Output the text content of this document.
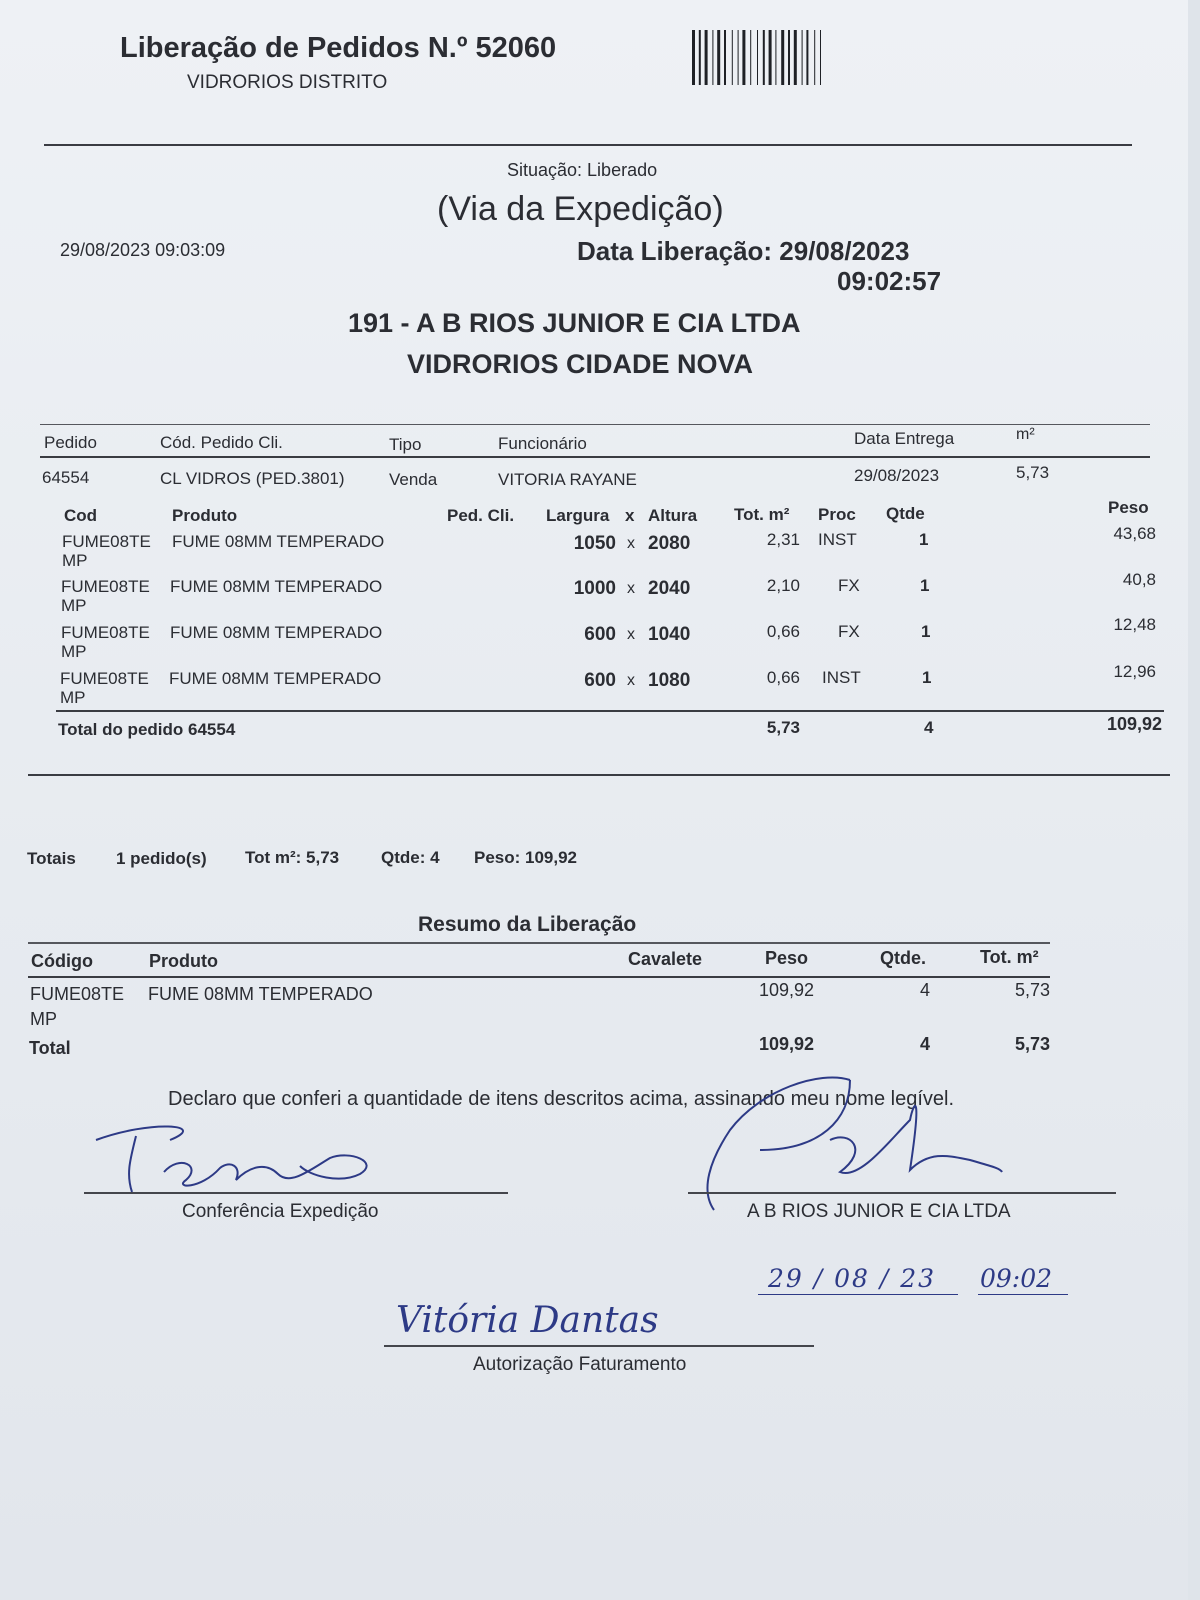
Liberação de Pedidos N.º 52060
VIDRORIOS DISTRITO
Situação: Liberado
(Via da Expedição)
29/08/2023 09:03:09	Data Liberação: 29/08/2023
09:02:57
191 - A B RIOS JUNIOR E CIA LTDA
VIDRORIOS CIDADE NOVA
Pedido	Cód. Pedido Cli.	Tipo	Funcionário	Data Entrega	m²
64554	CL VIDROS (PED.3801)	Venda	VITORIA RAYANE	29/08/2023	5,73
Cod	Produto	Ped. Cli. Largura x Altura Tot. m² Proc Qtde	Peso
FUME08TE
MP
FUME 08MM TEMPERADO	1050 x 2080	2,31 INST	1	43,68
FUME08TE
MP
FUME 08MM TEMPERADO	1000 x 2040	2,10 FX	1	40,8
FUME08TE
MP
FUME 08MM TEMPERADO	600 x 1040	0,66 FX	1	12,48
FUME08TE
MP
FUME 08MM TEMPERADO	600 x 1080	0,66 INST	1	12,96
Total do pedido 64554	5,73	4	109,92
Totais 1 pedido(s) Tot m²: 5,73 Qtde: 4 Peso: 109,92
Resumo da Liberação
Código	Produto	Cavalete	Peso	Qtde.	Tot. m²
FUME08TE
MP
FUME 08MM TEMPERADO	109,92	4	5,73
Total	109,92	4	5,73
Declaro que conferi a quantidade de itens descritos acima, assinando meu nome legível.
Conferência Expedição	A B RIOS JUNIOR E CIA LTDA
29 / 08 / 23 09:02
Vitória Dantas
Autorização Faturamento
